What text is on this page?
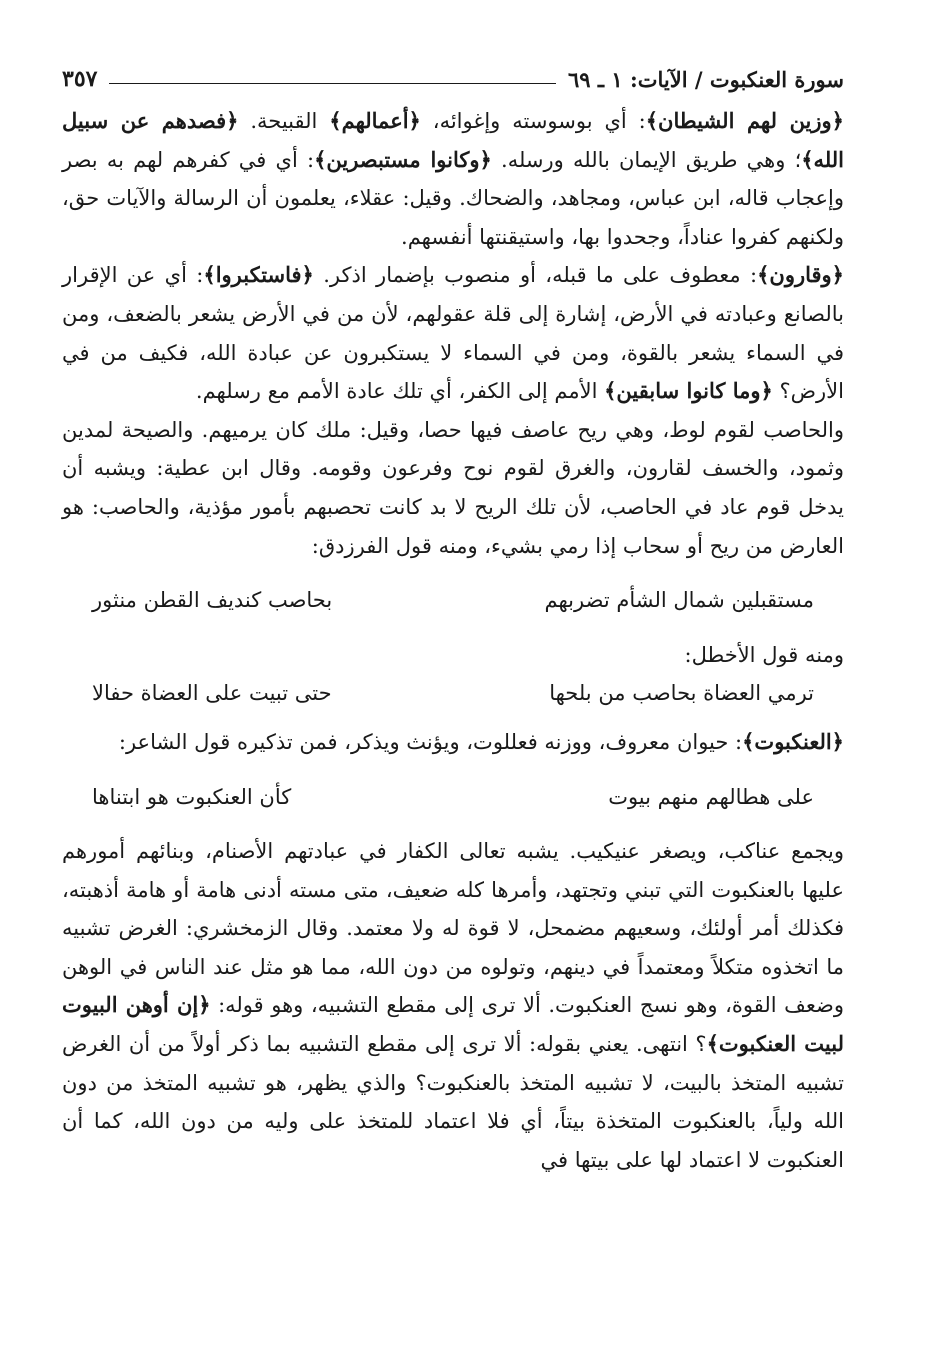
سورة العنكبوت / الآيات: ١ ـ ٦٩
٣٥٧

﴿وزين لهم الشيطان﴾: أي بوسوسته وإغوائه، ﴿أعمالهم﴾ القبيحة. ﴿فصدهم عن سبيل الله﴾؛ وهي طريق الإيمان بالله ورسله. ﴿وكانوا مستبصرين﴾: أي في كفرهم لهم به بصر وإعجاب قاله، ابن عباس، ومجاهد، والضحاك. وقيل: عقلاء، يعلمون أن الرسالة والآيات حق، ولكنهم كفروا عناداً، وجحدوا بها، واستيقنتها أنفسهم.

﴿وقارون﴾: معطوف على ما قبله، أو منصوب بإضمار اذكر. ﴿فاستكبروا﴾: أي عن الإقرار بالصانع وعبادته في الأرض، إشارة إلى قلة عقولهم، لأن من في الأرض يشعر بالضعف، ومن في السماء يشعر بالقوة، ومن في السماء لا يستكبرون عن عبادة الله، فكيف من في الأرض؟ ﴿وما كانوا سابقين﴾ الأمم إلى الكفر، أي تلك عادة الأمم مع رسلهم.

والحاصب لقوم لوط، وهي ريح عاصف فيها حصا، وقيل: ملك كان يرميهم. والصيحة لمدين وثمود، والخسف لقارون، والغرق لقوم نوح وفرعون وقومه. وقال ابن عطية: ويشبه أن يدخل قوم عاد في الحاصب، لأن تلك الريح لا بد كانت تحصبهم بأمور مؤذية، والحاصب: هو العارض من ريح أو سحاب إذا رمي بشيء، ومنه قول الفرزدق:

مستقبلين شمال الشأم تضربهم
بحاصب كنديف القطن منثور

ومنه قول الأخطل:

ترمي العضاة بحاصب من بلحها
حتى تبيت على العضاة حفالا

﴿العنكبوت﴾: حيوان معروف، ووزنه فعللوت، ويؤنث ويذكر، فمن تذكيره قول الشاعر:

على هطالهم منهم بيوت
كأن العنكبوت هو ابتناها

ويجمع عناكب، ويصغر عنيكيب. يشبه تعالى الكفار في عبادتهم الأصنام، وبنائهم أمورهم عليها بالعنكبوت التي تبني وتجتهد، وأمرها كله ضعيف، متى مسته أدنى هامة أو هامة أذهبته، فكذلك أمر أولئك، وسعيهم مضمحل، لا قوة له ولا معتمد. وقال الزمخشري: الغرض تشبيه ما اتخذوه متكلاً ومعتمداً في دينهم، وتولوه من دون الله، مما هو مثل عند الناس في الوهن وضعف القوة، وهو نسج العنكبوت. ألا ترى إلى مقطع التشبيه، وهو قوله: ﴿إن أوهن البيوت لبيت العنكبوت﴾؟ انتهى. يعني بقوله: ألا ترى إلى مقطع التشبيه بما ذكر أولاً من أن الغرض تشبيه المتخذ بالبيت، لا تشبيه المتخذ بالعنكبوت؟ والذي يظهر، هو تشبيه المتخذ من دون الله ولياً، بالعنكبوت المتخذة بيتاً، أي فلا اعتماد للمتخذ على وليه من دون الله، كما أن العنكبوت لا اعتماد لها على بيتها في
